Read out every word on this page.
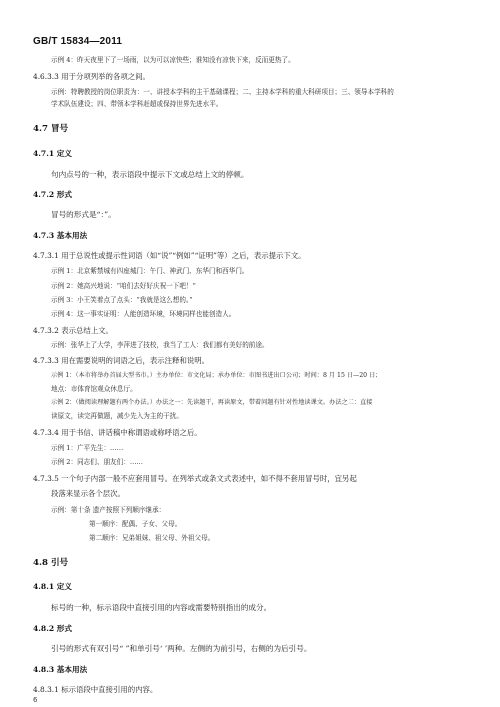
GB/T 15834—2011
示例 4：昨天夜里下了一场雨，以为可以凉快些；谁知没有凉快下来，反而更热了。
4.6.3.3 用于分项列举的各项之间。
示例：特聘教授的岗位职责为：一、讲授本学科的主干基础课程；二、主持本学科的重大科研项目；三、领导本学科的
学术队伍建设；四、带领本学科赶超或保持世界先进水平。
4.7 冒号
4.7.1 定义
句内点号的一种，表示语段中提示下文或总结上文的停顿。
4.7.2 形式
冒号的形式是“：”。
4.7.3 基本用法
4.7.3.1 用于总说性或提示性词语（如“说”“例如”“证明”等）之后，表示提示下文。
示例 1：北京紫禁城有四座城门：午门、神武门、东华门和西华门。
示例 2：她高兴地说：“咱们去好好庆祝一下吧！”
示例 3：小王笑着点了点头：“我就是这么想的。”
示例 4：这一事实证明：人能创造环境，环境同样也能创造人。
4.7.3.2 表示总结上文。
示例：张华上了大学，李萍进了技校，我当了工人：我们都有美好的前途。
4.7.3.3 用在需要说明的词语之后，表示注释和说明。
示例 1：（本市将举办首届大型书市。）主办单位：市文化局；承办单位：市图书进出口公司；时间：8 月 15 日—20 日；
地点：市体育馆观众休息厅。
示例 2：（做阅读理解题有两个办法。）办法之一：先读题干，再读原文，带着问题有针对性地读课文。办法之二：直接
读原文，读完再做题，减少先入为主的干扰。
4.7.3.4 用于书信、讲话稿中称谓语或称呼语之后。
示例 1：广平先生：……
示例 2：同志们、朋友们：……
4.7.3.5 一个句子内部一般不应套用冒号。在列举式或条文式表述中，如不得不套用冒号时，宜另起
段落来显示各个层次。
示例：第十条 遗产按照下列顺序继承：
第一顺序：配偶、子女、父母。
第二顺序：兄弟姐妹、祖父母、外祖父母。
4.8 引号
4.8.1 定义
标号的一种，标示语段中直接引用的内容或需要特别指出的成分。
4.8.2 形式
引号的形式有双引号“ ”和单引号‘ ’两种。左侧的为前引号，右侧的为后引号。
4.8.3 基本用法
4.8.3.1 标示语段中直接引用的内容。
6
